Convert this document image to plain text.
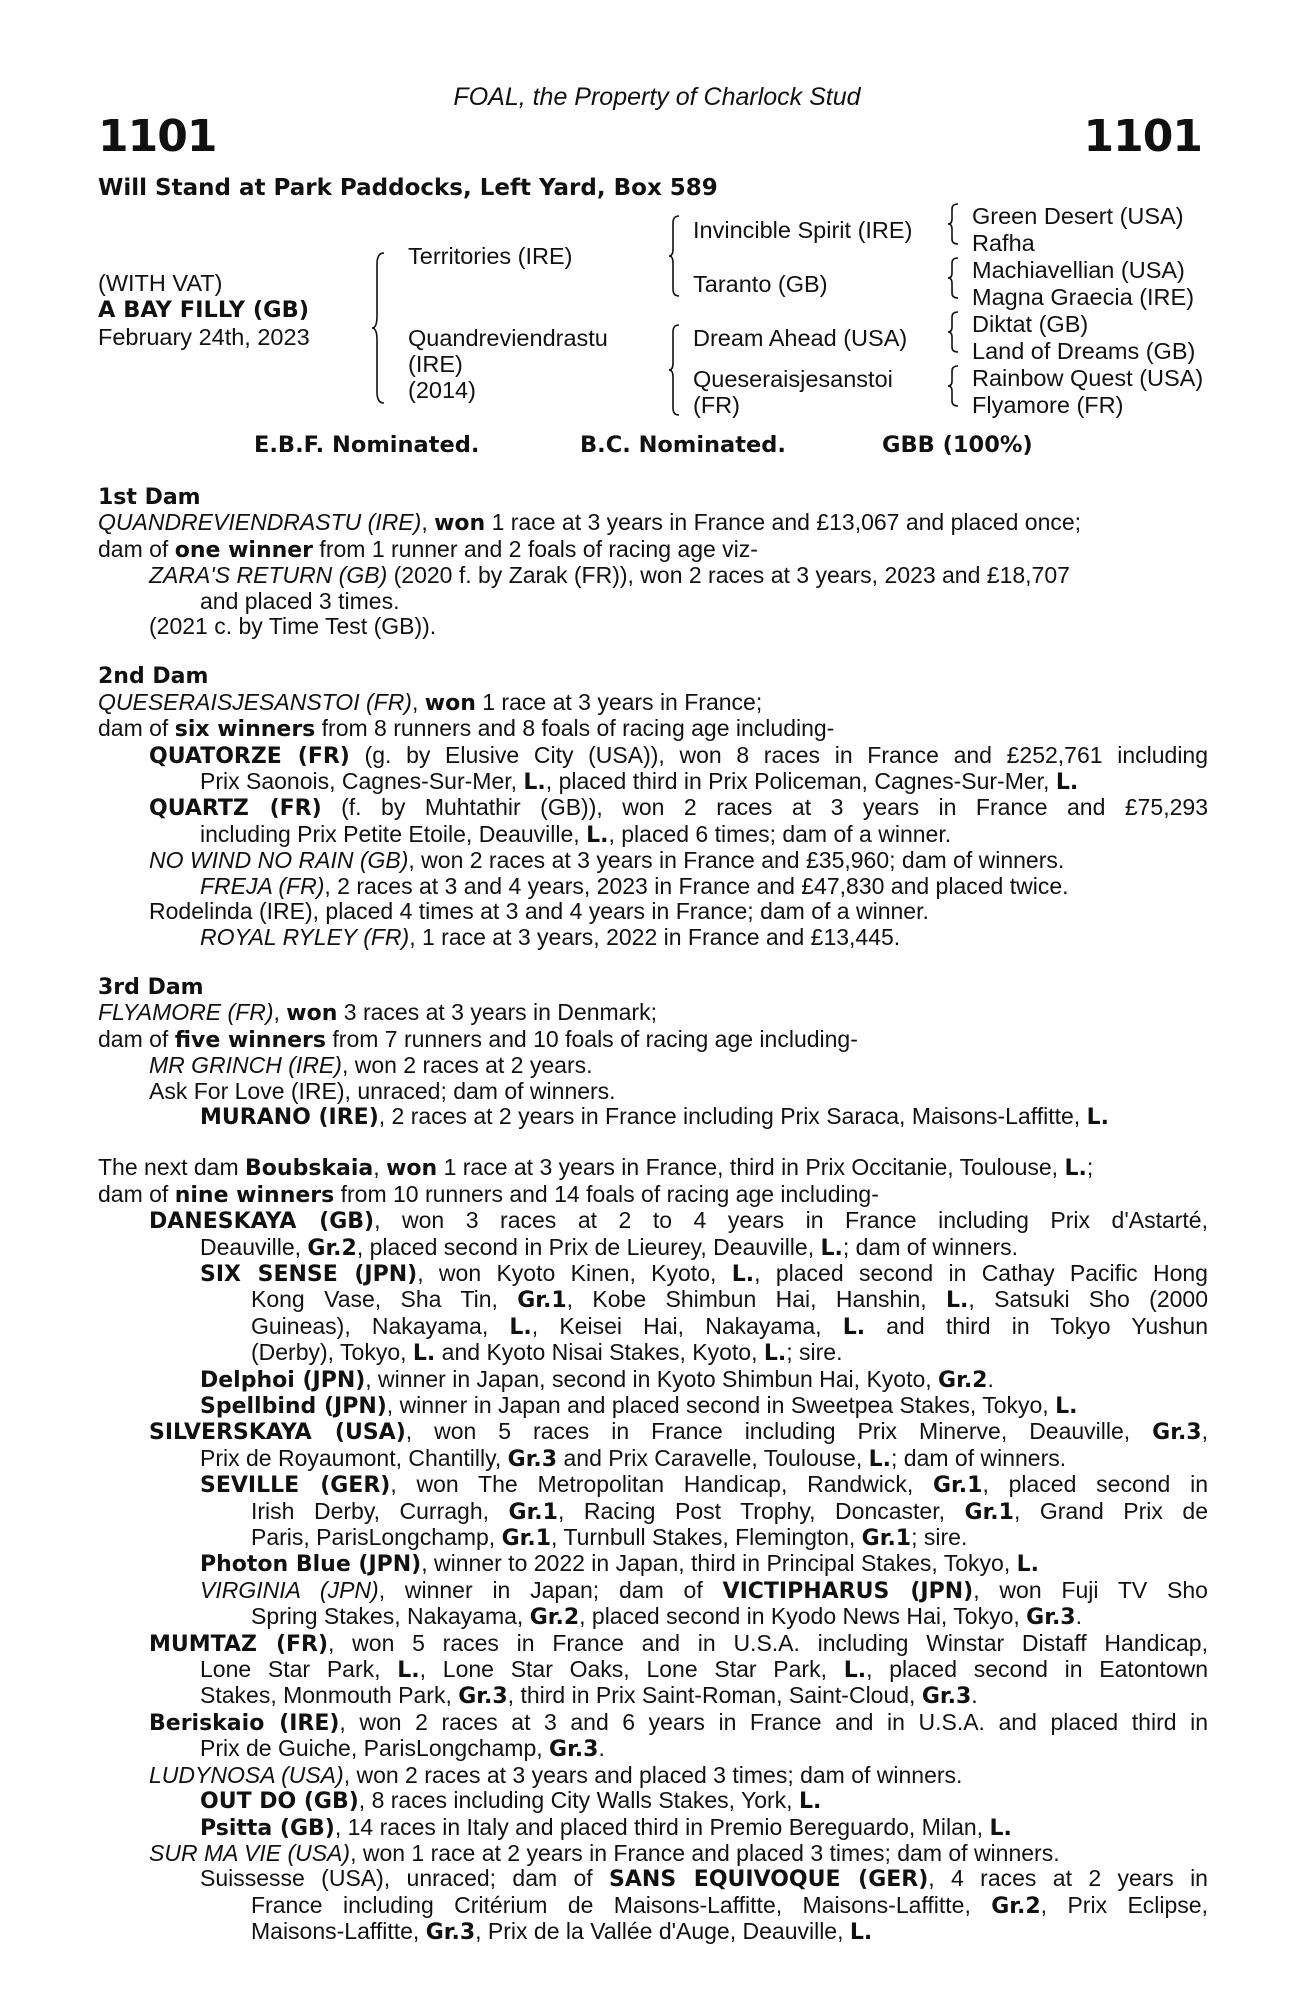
FOAL, the Property of Charlock Stud
1101	1101
Will Stand at Park Paddocks, Left Yard, Box 589
(WITH VAT)
A BAY FILLY (GB)
February 24th, 2023
Territories (IRE)
Quandreviendrastu
(IRE)
(2014)
Invincible Spirit (IRE)
Taranto (GB)
Dream Ahead (USA)
Queseraisjesanstoi
(FR)
Green Desert (USA)
Rafha
Machiavellian (USA)
Magna Graecia (IRE)
Diktat (GB)
Land of Dreams (GB)
Rainbow Quest (USA)
Flyamore (FR)
E.B.F. Nominated.	B.C. Nominated.	GBB (100%)
1st Dam
QUANDREVIENDRASTU (IRE), won 1 race at 3 years in France and £13,067 and placed once;
dam of one winner from 1 runner and 2 foals of racing age viz-
ZARA'S RETURN (GB) (2020 f. by Zarak (FR)), won 2 races at 3 years, 2023 and £18,707
and placed 3 times.
(2021 c. by Time Test (GB)).
2nd Dam
QUESERAISJESANSTOI (FR), won 1 race at 3 years in France;
dam of six winners from 8 runners and 8 foals of racing age including-
QUATORZE (FR) (g. by Elusive City (USA)), won 8 races in France and £252,761 including
Prix Saonois, Cagnes-Sur-Mer, L., placed third in Prix Policeman, Cagnes-Sur-Mer, L.
QUARTZ (FR) (f. by Muhtathir (GB)), won 2 races at 3 years in France and £75,293
including Prix Petite Etoile, Deauville, L., placed 6 times; dam of a winner.
NO WIND NO RAIN (GB), won 2 races at 3 years in France and £35,960; dam of winners.
FREJA (FR), 2 races at 3 and 4 years, 2023 in France and £47,830 and placed twice.
Rodelinda (IRE), placed 4 times at 3 and 4 years in France; dam of a winner.
ROYAL RYLEY (FR), 1 race at 3 years, 2022 in France and £13,445.
3rd Dam
FLYAMORE (FR), won 3 races at 3 years in Denmark;
dam of five winners from 7 runners and 10 foals of racing age including-
MR GRINCH (IRE), won 2 races at 2 years.
Ask For Love (IRE), unraced; dam of winners.
MURANO (IRE), 2 races at 2 years in France including Prix Saraca, Maisons-Laffitte, L.
The next dam Boubskaia, won 1 race at 3 years in France, third in Prix Occitanie, Toulouse, L.;
dam of nine winners from 10 runners and 14 foals of racing age including-
DANESKAYA (GB), won 3 races at 2 to 4 years in France including Prix d'Astarté,
Deauville, Gr.2, placed second in Prix de Lieurey, Deauville, L.; dam of winners.
SIX SENSE (JPN), won Kyoto Kinen, Kyoto, L., placed second in Cathay Pacific Hong
Kong Vase, Sha Tin, Gr.1, Kobe Shimbun Hai, Hanshin, L., Satsuki Sho (2000
Guineas), Nakayama, L., Keisei Hai, Nakayama, L. and third in Tokyo Yushun
(Derby), Tokyo, L. and Kyoto Nisai Stakes, Kyoto, L.; sire.
Delphoi (JPN), winner in Japan, second in Kyoto Shimbun Hai, Kyoto, Gr.2.
Spellbind (JPN), winner in Japan and placed second in Sweetpea Stakes, Tokyo, L.
SILVERSKAYA (USA), won 5 races in France including Prix Minerve, Deauville, Gr.3,
Prix de Royaumont, Chantilly, Gr.3 and Prix Caravelle, Toulouse, L.; dam of winners.
SEVILLE (GER), won The Metropolitan Handicap, Randwick, Gr.1, placed second in
Irish Derby, Curragh, Gr.1, Racing Post Trophy, Doncaster, Gr.1, Grand Prix de
Paris, ParisLongchamp, Gr.1, Turnbull Stakes, Flemington, Gr.1; sire.
Photon Blue (JPN), winner to 2022 in Japan, third in Principal Stakes, Tokyo, L.
VIRGINIA (JPN), winner in Japan; dam of VICTIPHARUS (JPN), won Fuji TV Sho
Spring Stakes, Nakayama, Gr.2, placed second in Kyodo News Hai, Tokyo, Gr.3.
MUMTAZ (FR), won 5 races in France and in U.S.A. including Winstar Distaff Handicap,
Lone Star Park, L., Lone Star Oaks, Lone Star Park, L., placed second in Eatontown
Stakes, Monmouth Park, Gr.3, third in Prix Saint-Roman, Saint-Cloud, Gr.3.
Beriskaio (IRE), won 2 races at 3 and 6 years in France and in U.S.A. and placed third in
Prix de Guiche, ParisLongchamp, Gr.3.
LUDYNOSA (USA), won 2 races at 3 years and placed 3 times; dam of winners.
OUT DO (GB), 8 races including City Walls Stakes, York, L.
Psitta (GB), 14 races in Italy and placed third in Premio Bereguardo, Milan, L.
SUR MA VIE (USA), won 1 race at 2 years in France and placed 3 times; dam of winners.
Suissesse (USA), unraced; dam of SANS EQUIVOQUE (GER), 4 races at 2 years in
France including Critérium de Maisons-Laffitte, Maisons-Laffitte, Gr.2, Prix Eclipse,
Maisons-Laffitte, Gr.3, Prix de la Vallée d'Auge, Deauville, L.
